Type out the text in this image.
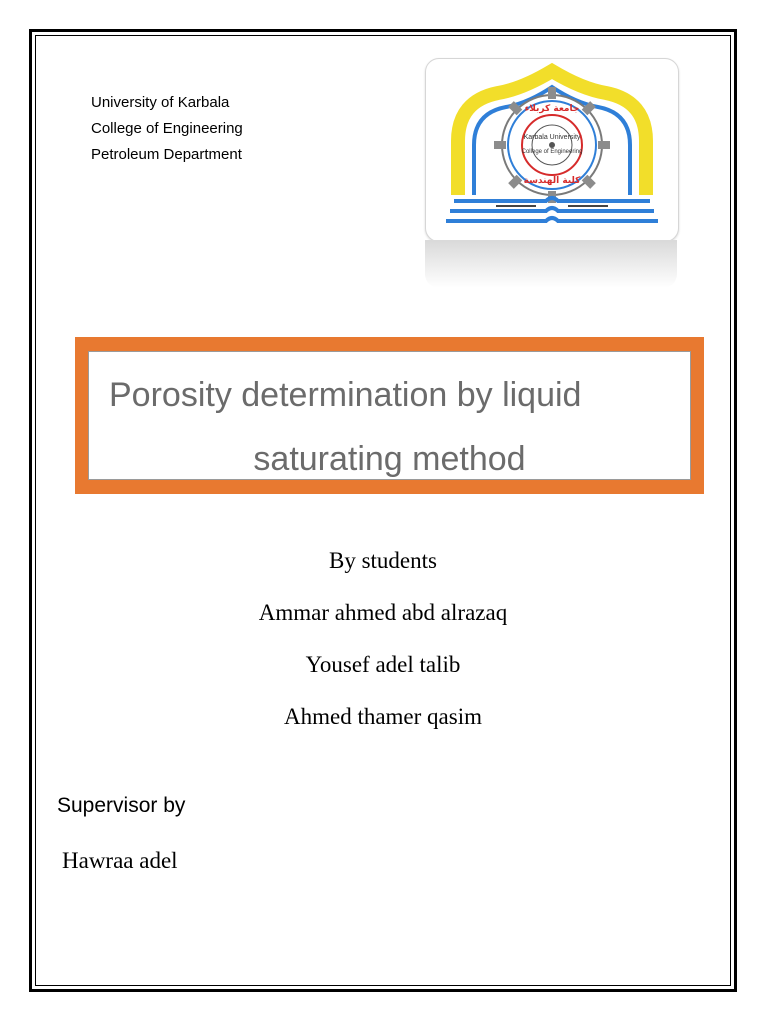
University of Karbala
College of Engineering
Petroleum Department
جامعة كربلاء
Karbala University
College of Engineering
كلية الهندسة
Porosity determination by liquid
saturating method
By students
Ammar ahmed abd alrazaq
Yousef adel talib
Ahmed thamer qasim
Supervisor by
Hawraa adel
